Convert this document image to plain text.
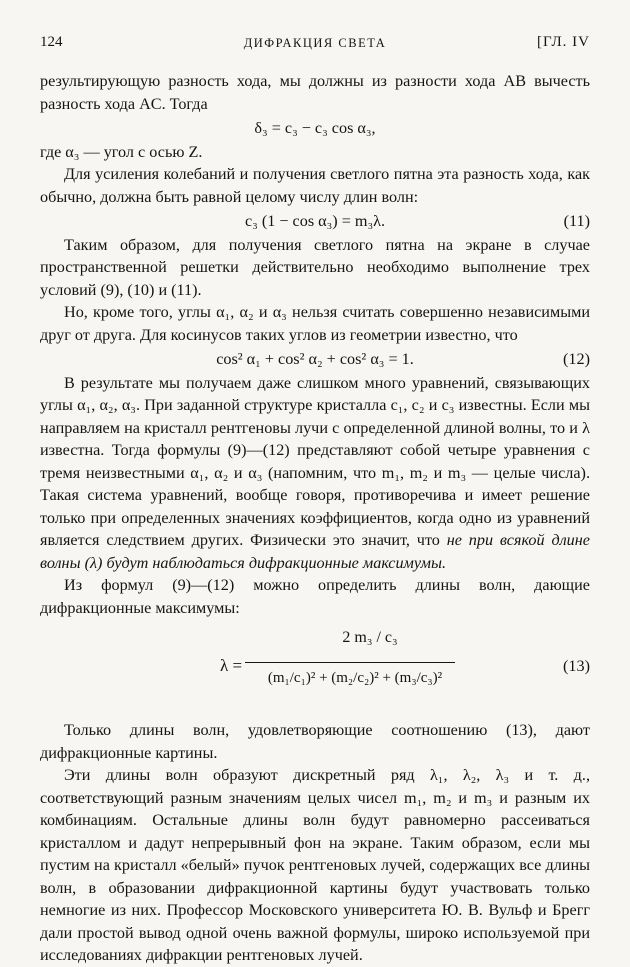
124	ДИФРАКЦИЯ СВЕТА	[ГЛ. IV

результирующую разность хода, мы должны из разности хода AB вычесть разность хода AC. Тогда

δ₃ = c₃ − c₃ cos α₃,

где α₃ — угол с осью Z.

Для усиления колебаний и получения светлого пятна эта разность хода, как обычно, должна быть равной целому числу длин волн:

c₃ (1 − cos α₃) = m₃λ.	(11)

Таким образом, для получения светлого пятна на экране в случае пространственной решетки действительно необходимо выполнение трех условий (9), (10) и (11).

Но, кроме того, углы α₁, α₂ и α₃ нельзя считать совершенно независимыми друг от друга. Для косинусов таких углов из геометрии известно, что

cos² α₁ + cos² α₂ + cos² α₃ = 1.	(12)

В результате мы получаем даже слишком много уравнений, связывающих углы α₁, α₂, α₃. При заданной структуре кристалла c₁, c₂ и c₃ известны. Если мы направляем на кристалл рентгеновы лучи с определенной длиной волны, то и λ известна. Тогда формулы (9)—(12) представляют собой четыре уравнения с тремя неизвестными α₁, α₂ и α₃ (напомним, что m₁, m₂ и m₃ — целые числа). Такая система уравнений, вообще говоря, противоречива и имеет решение только при определенных значениях коэффициентов, когда одно из уравнений является следствием других. Физически это значит, что не при всякой длине волны (λ) будут наблюдаться дифракционные максимумы.

Из формул (9)—(12) можно определить длины волн, дающие дифракционные максимумы:

λ =
2 m₃ / c₃
(m₁/c₁)² + (m₂/c₂)² + (m₃/c₃)²
(13)

Только длины волн, удовлетворяющие соотношению (13), дают дифракционные картины.

Эти длины волн образуют дискретный ряд λ₁, λ₂, λ₃ и т. д., соответствующий разным значениям целых чисел m₁, m₂ и m₃ и разным их комбинациям. Остальные длины волн будут равномерно рассеиваться кристаллом и дадут непрерывный фон на экране. Таким образом, если мы пустим на кристалл «белый» пучок рентгеновых лучей, содержащих все длины волн, в образовании дифракционной картины будут участвовать только немногие из них. Профессор Московского университета Ю. В. Вульф и Брегг дали простой вывод одной очень важной формулы, широко используемой при исследованиях дифракции рентгеновых лучей.
